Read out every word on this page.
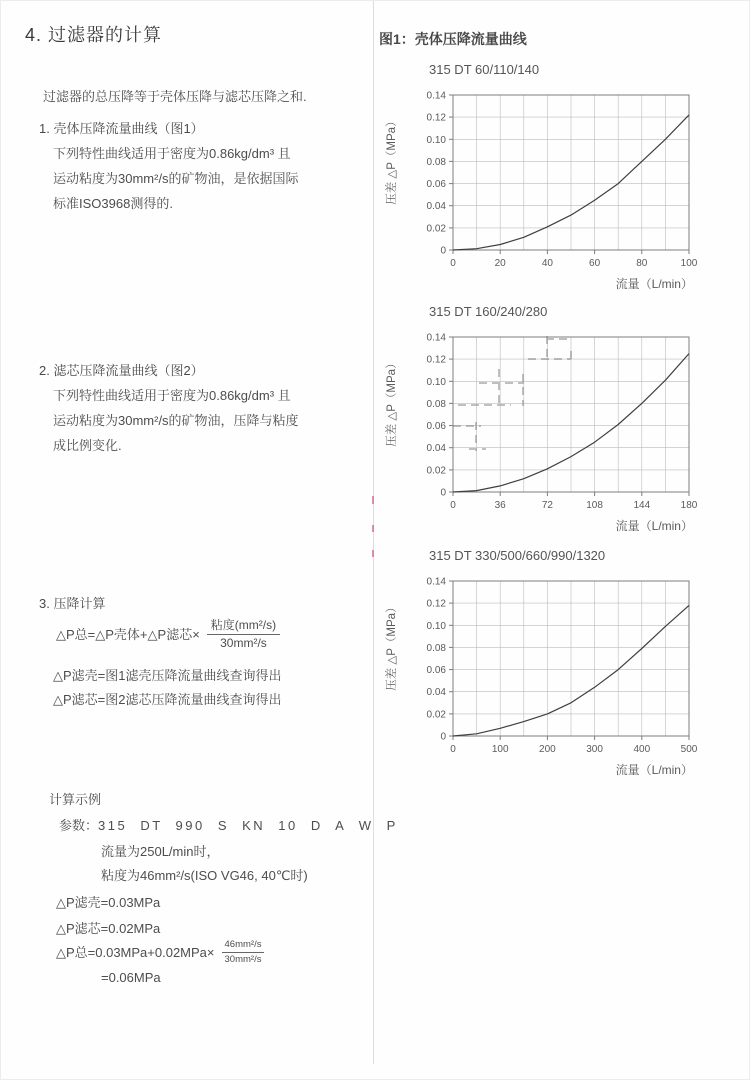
4. 过滤器的计算
过滤器的总压降等于壳体压降与滤芯压降之和.
1. 壳体压降流量曲线（图1）
下列特性曲线适用于密度为0.86kg/dm³ 且
运动粘度为30mm²/s的矿物油，是依据国际
标准ISO3968测得的.
2. 滤芯压降流量曲线（图2）
下列特性曲线适用于密度为0.86kg/dm³ 且
运动粘度为30mm²/s的矿物油，压降与粘度
成比例变化.
3. 压降计算
△P总=△P壳体+△P滤芯× $\frac{\text{粘度(mm²/s)}}{\text{30mm²/s}}$
△P滤壳=图1滤壳压降流量曲线查询得出
△P滤芯=图2滤芯压降流量曲线查询得出
计算示例
参数：315 DT 990 S KN 10 D A W P
流量为250L/min时，
粘度为46mm²/s(ISO VG46, 40℃时)
△P滤壳=0.03MPa
△P滤芯=0.02MPa
△P总$=0.03MPa+0.02MPa\times \frac{\text{46mm²/s}}{\text{30mm²/s}}$
=0.06MPa
图1：壳体压降流量曲线
315 DT 60/110/140
0	20	40	60	80	100
0
0.02
0.04
0.06
0.08
0.10
0.12
0.14
压差 △P（MPa）
流量（L/min）
315 DT 160/240/280
0	36	72	108	144	180
0
0.02
0.04
0.06
0.08
0.10
0.12
0.14
压差 △P（MPa）
流量（L/min）
315 DT 330/500/660/990/1320
0	100	200	300	400	500
0
0.02
0.04
0.06
0.08
0.10
0.12
0.14
压差 △P（MPa）
流量（L/min）
